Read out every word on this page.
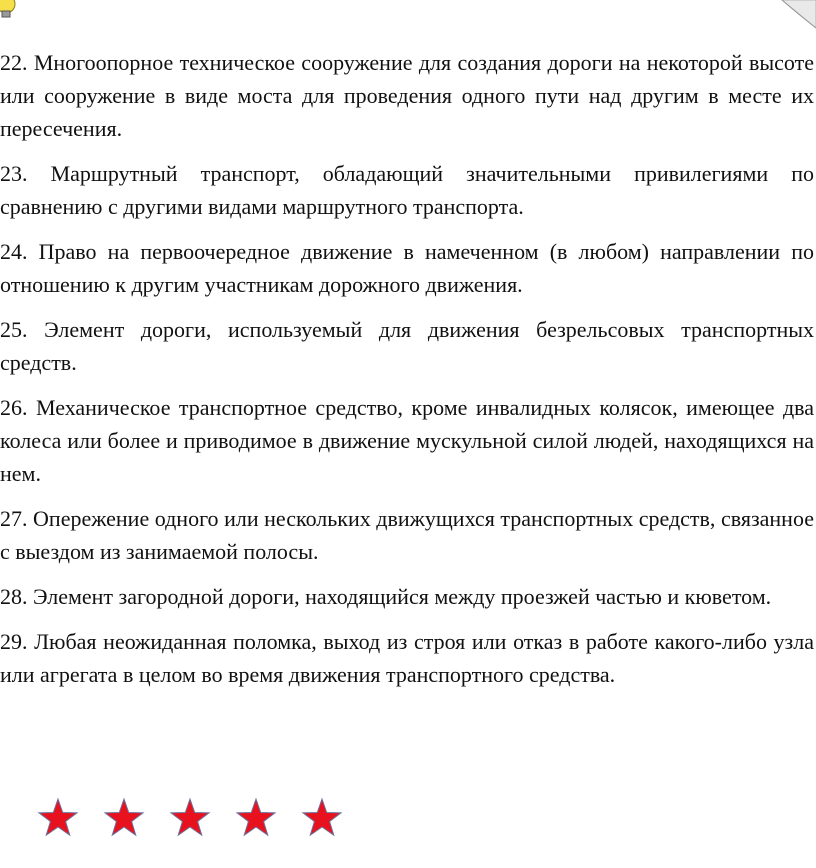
22. Многоопорное техническое сооружение для создания дороги на некоторой высоте или сооружение в виде моста для проведения одного пути над другим в месте их пересечения.

23. Маршрутный транспорт, обладающий значительными привилегиями по сравнению с другими видами маршрутного транспорта.

24. Право на первоочередное движение в намеченном (в любом) направлении по отношению к другим участникам дорожного движения.

25. Элемент дороги, используемый для движения безрельсовых транспортных средств.

26. Механическое транспортное средство, кроме инвалидных колясок, имеющее два колеса или более и приводимое в движение мускульной силой людей, находящихся на нем.

27. Опережение одного или нескольких движущихся транспортных средств, связанное с выездом из занимаемой полосы.

28. Элемент загородной дороги, находящийся между проезжей частью и кюветом.

29. Любая неожиданная поломка, выход из строя или отказ в работе какого-либо узла или агрегата в целом во время движения транспортного средства.
